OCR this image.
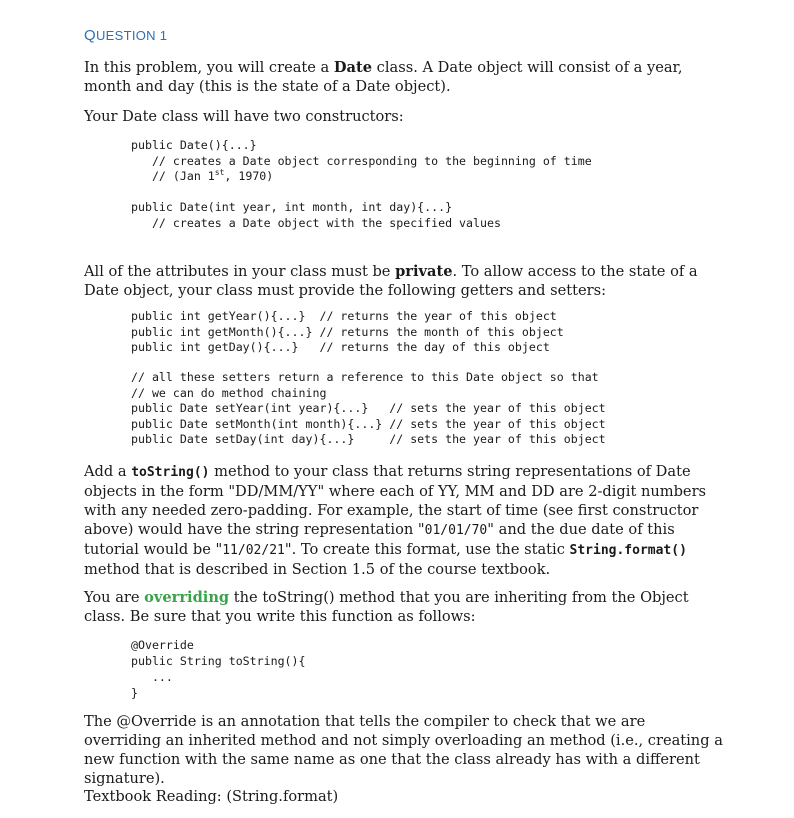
QUESTION 1

In this problem, you will create a Date class. A Date object will consist of a year, month and day (this is the state of a Date object).

Your Date class will have two constructors:

public Date(){...}
// creates a Date object corresponding to the beginning of time
// (Jan 1st, 1970)
public Date(int year, int month, int day){...}
// creates a Date object with the specified values

All of the attributes in your class must be private. To allow access to the state of a Date object, your class must provide the following getters and setters:

public int getYear(){...}  // returns the year of this object
public int getMonth(){...} // returns the month of this object
public int getDay(){...}   // returns the day of this object
// all these setters return a reference to this Date object so that
// we can do method chaining
public Date setYear(int year){...}   // sets the year of this object
public Date setMonth(int month){...} // sets the year of this object
public Date setDay(int day){...}     // sets the year of this object

Add a toString() method to your class that returns string representations of Date objects in the form "DD/MM/YY" where each of YY, MM and DD are 2-digit numbers with any needed zero-padding. For example, the start of time (see first constructor above) would have the string representation "01/01/70" and the due date of this tutorial would be "11/02/21". To create this format, use the static String.format() method that is described in Section 1.5 of the course textbook.

You are overriding the toString() method that you are inheriting from the Object class. Be sure that you write this function as follows:

@Override
public String toString(){
...
}

The @Override is an annotation that tells the compiler to check that we are overriding an inherited method and not simply overloading an method (i.e., creating a new function with the same name as one that the class already has with a different signature).

Textbook Reading: (String.format)
